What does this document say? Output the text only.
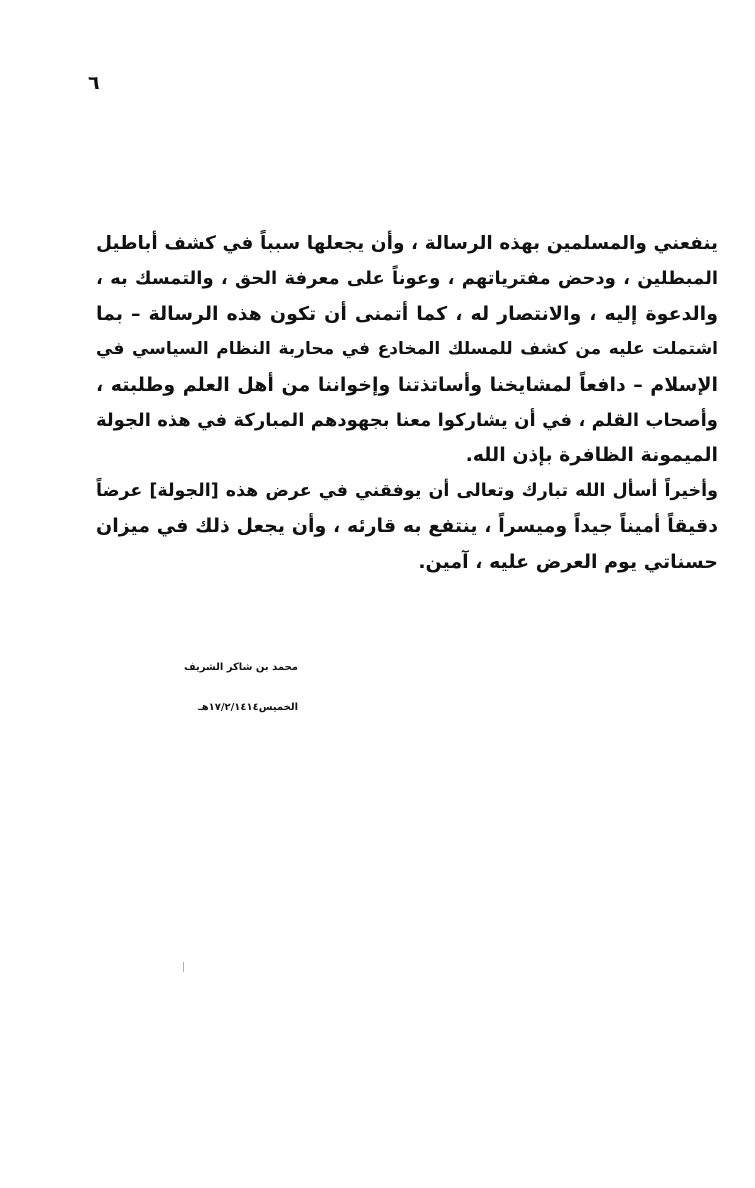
٦
ينفعني والمسلمين بهذه الرسالة ، وأن يجعلها سبباً في كشف أباطيل
المبطلين ، ودحض مفترياتهم ، وعوناً على معرفة الحق ، والتمسك به ،
والدعوة إليه ، والانتصار له ، كما أتمنى أن تكون هذه الرسالة – بما
اشتملت عليه من كشف للمسلك المخادع في محاربة النظام السياسي في
الإسلام – دافعاً لمشايخنا وأساتذتنا وإخواننا من أهل العلم وطلبته ،
وأصحاب القلم ، في أن يشاركوا معنا بجهودهم المباركة في هذه الجولة
الميمونة الظافرة بإذن الله.
وأخيراً أسأل الله تبارك وتعالى أن يوفقني في عرض هذه [الجولة] عرضاً
دقيقاً أميناً جيداً وميسراً ، ينتفع به قارئه ، وأن يجعل ذلك في ميزان
حسناتي يوم العرض عليه ، آمين.
محمد بن شاكر الشريف
الخميس١٧/٢/١٤١٤هـ
